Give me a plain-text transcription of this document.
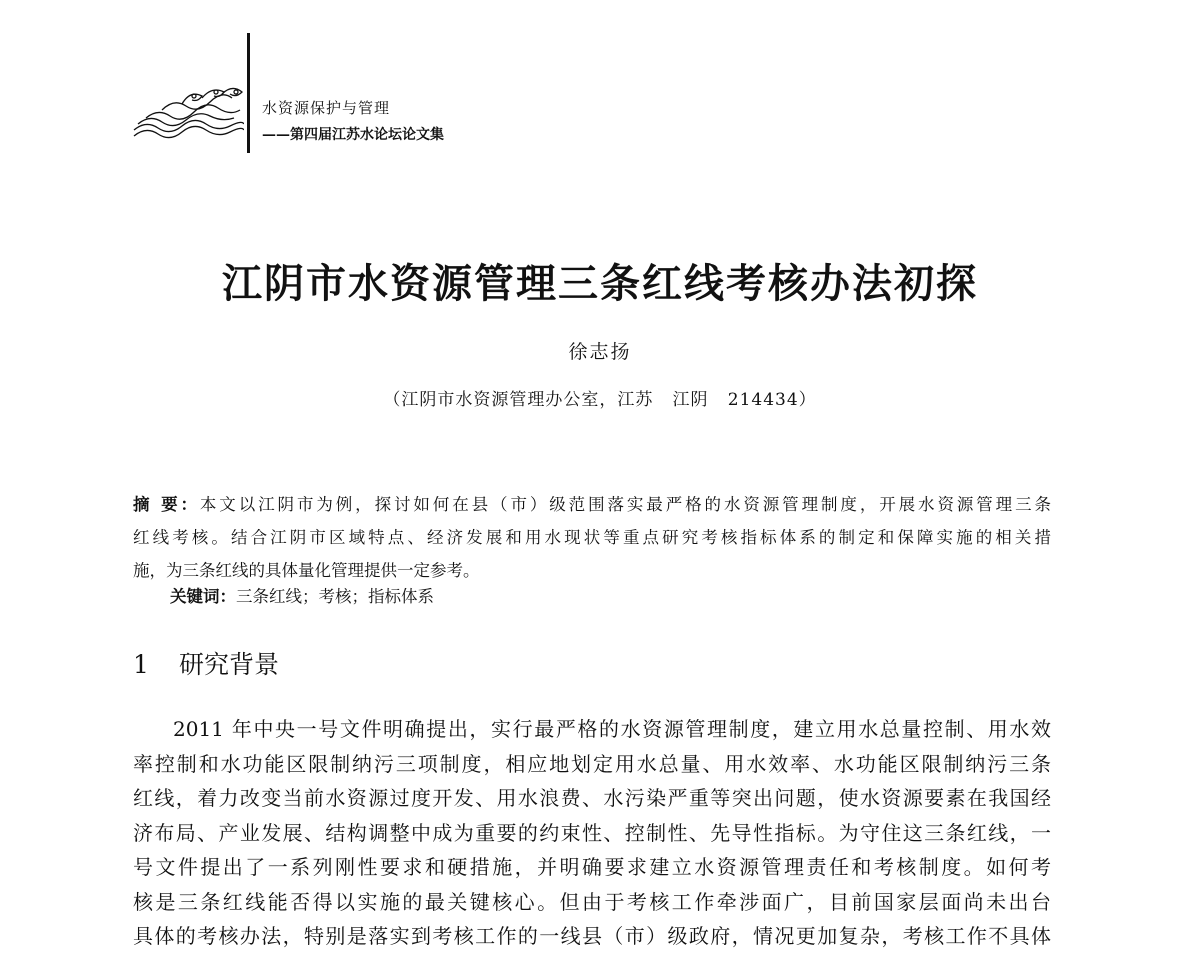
水资源保护与管理
——第四届江苏水论坛论文集
江阴市水资源管理三条红线考核办法初探
徐志扬
（江阴市水资源管理办公室，江苏   江阴   214434）
摘 要：本文以江阴市为例，探讨如何在县（市）级范围落实最严格的水资源管理制度，开展水资源管理三条
红线考核。结合江阴市区域特点、经济发展和用水现状等重点研究考核指标体系的制定和保障实施的相关措
施，为三条红线的具体量化管理提供一定参考。
关键词：三条红线；考核；指标体系
1 研究背景
2011 年中央一号文件明确提出，实行最严格的水资源管理制度，建立用水总量控制、用水效
率控制和水功能区限制纳污三项制度，相应地划定用水总量、用水效率、水功能区限制纳污三条
红线，着力改变当前水资源过度开发、用水浪费、水污染严重等突出问题，使水资源要素在我国经
济布局、产业发展、结构调整中成为重要的约束性、控制性、先导性指标。为守住这三条红线，一
号文件提出了一系列刚性要求和硬措施，并明确要求建立水资源管理责任和考核制度。如何考
核是三条红线能否得以实施的最关键核心。但由于考核工作牵涉面广，目前国家层面尚未出台
具体的考核办法，特别是落实到考核工作的一线县（市）级政府，情况更加复杂，考核工作不具体
